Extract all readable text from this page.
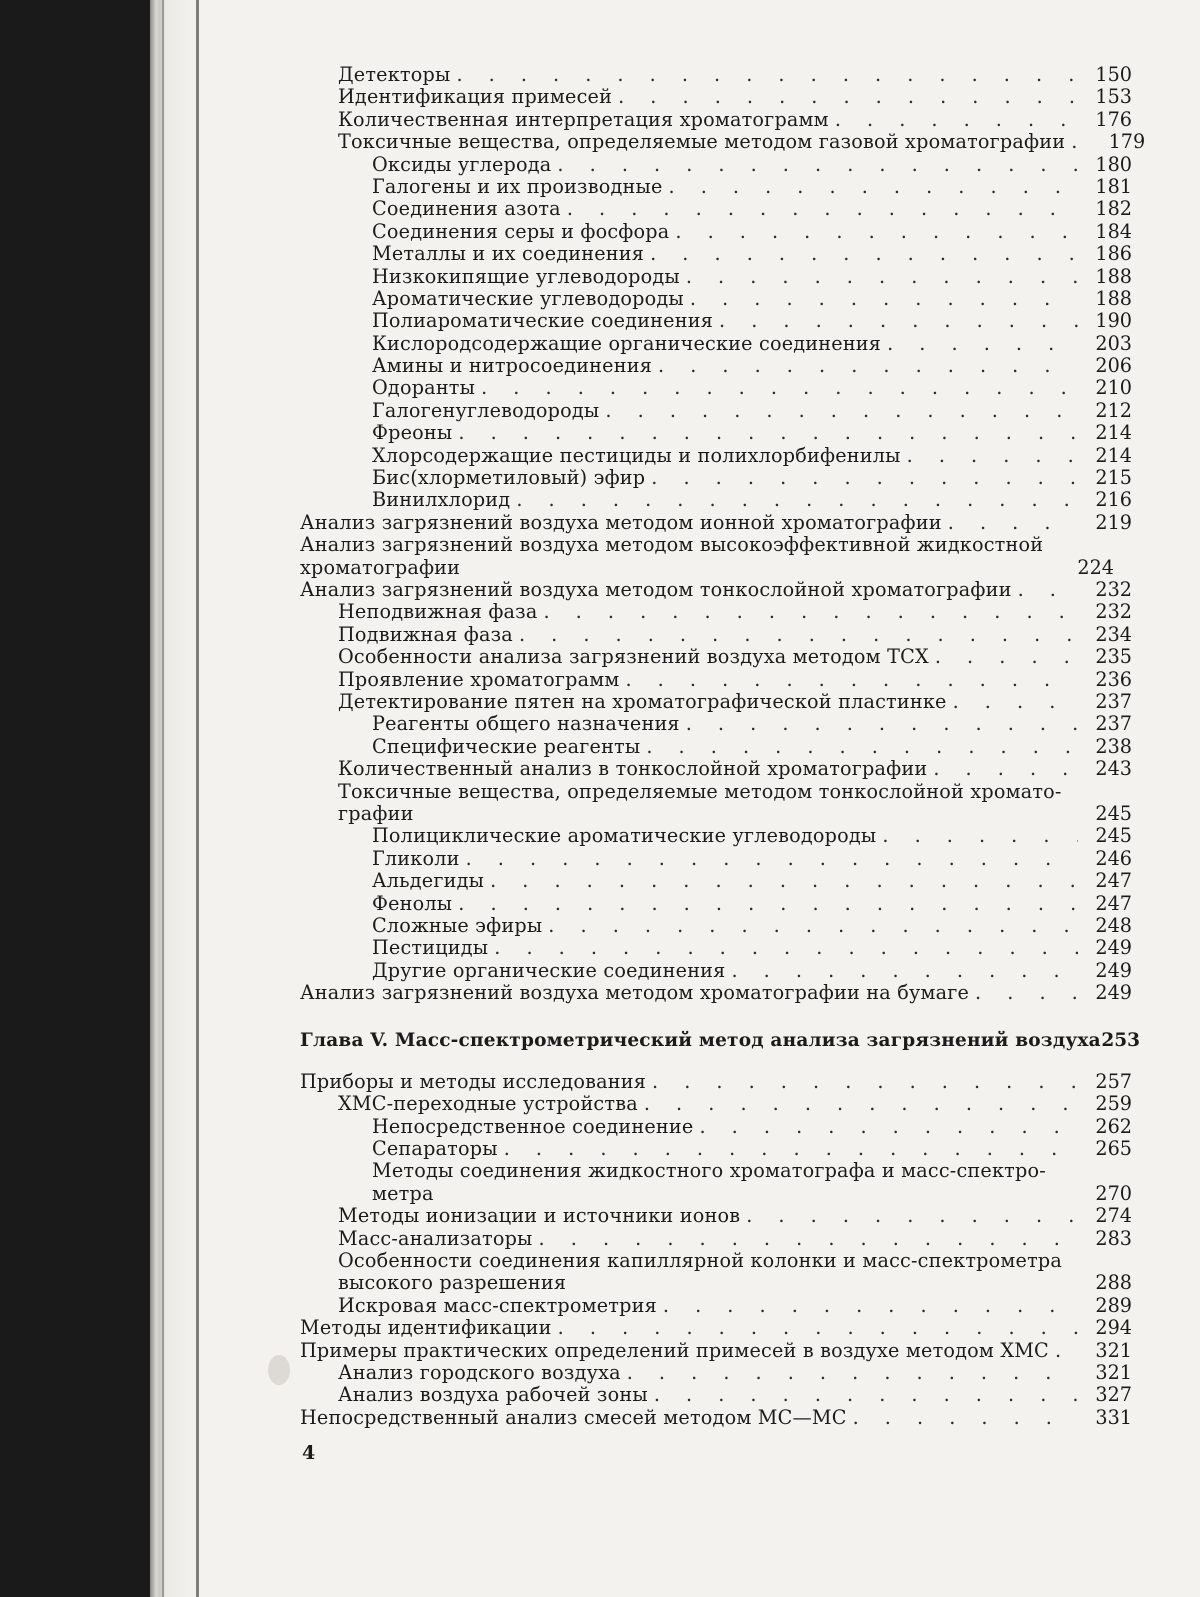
Детекторы . . .	150
Идентификация примесей . . .	153
Количественная интерпретация хроматограмм . . .	176
Токсичные вещества, определяемые методом газовой хроматографии . . .	179
Оксиды углерода . . .	180
Галогены и их производные . . .	181
Соединения азота . . .	182
Соединения серы и фосфора . . .	184
Металлы и их соединения . . .	186
Низкокипящие углеводороды . . .	188
Ароматические углеводороды . . .	188
Полиароматические соединения . . .	190
Кислородсодержащие органические соединения . . .	203
Амины и нитросоединения . . .	206
Одоранты . . .	210
Галогенуглеводороды . . .	212
Фреоны . . .	214
Хлорсодержащие пестициды и полихлорбифенилы . . .	214
Бис(хлорметиловый) эфир . . .	215
Винилхлорид . . .	216
Анализ загрязнений воздуха методом ионной хроматографии . . .	219
Анализ загрязнений воздуха методом высокоэффективной жидкостной хроматографии	224
Анализ загрязнений воздуха методом тонкослойной хроматографии . . .	232
Неподвижная фаза . . .	232
Подвижная фаза . . .	234
Особенности анализа загрязнений воздуха методом ТСХ . . .	235
Проявление хроматограмм . . .	236
Детектирование пятен на хроматографической пластинке . . .	237
Реагенты общего назначения . . .	237
Специфические реагенты . . .	238
Количественный анализ в тонкослойной хроматографии . . .	243
Токсичные вещества, определяемые методом тонкослойной хромато-графии	245
Полициклические ароматические углеводороды . . .	245
Гликоли . . .	246
Альдегиды . . .	247
Фенолы . . .	247
Сложные эфиры . . .	248
Пестициды . . .	249
Другие органические соединения . . .	249
Анализ загрязнений воздуха методом хроматографии на бумаге . . .	249
Глава V. Масс-спектрометрический метод анализа загрязнений воздуха 253
Приборы и методы исследования . . .	257
ХМС-переходные устройства . . .	259
Непосредственное соединение . . .	262
Сепараторы . . .	265
Методы соединения жидкостного хроматографа и масс-спектро-метра	270
Методы ионизации и источники ионов . . .	274
Масс-анализаторы . . .	283
Особенности соединения капиллярной колонки и масс-спектрометра высокого разрешения	288
Искровая масс-спектрометрия . . .	289
Методы идентификации . . .	294
Примеры практических определений примесей в воздухе методом ХМС . . .	321
Анализ городского воздуха . . .	321
Анализ воздуха рабочей зоны . . .	327
Непосредственный анализ смесей методом МС—МС . . .	331
4
